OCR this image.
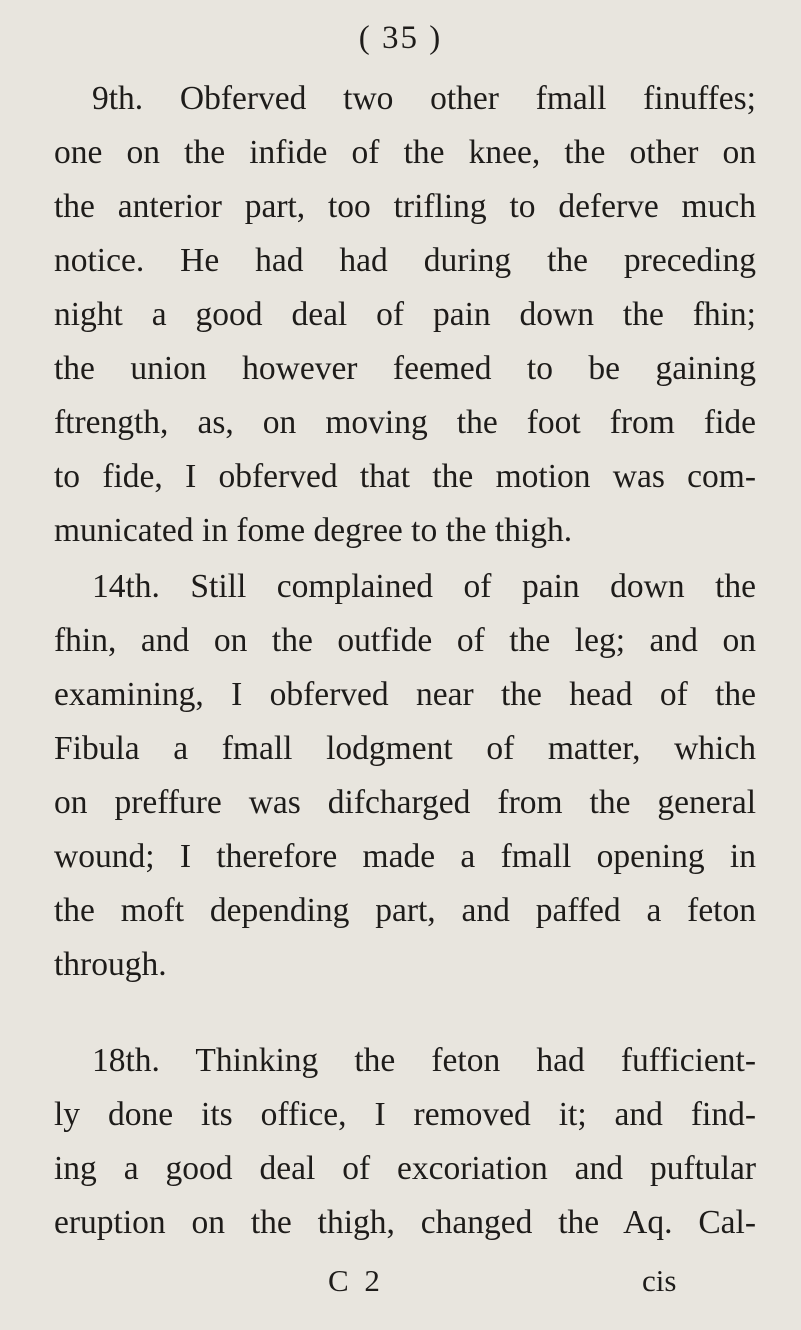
( 35 )
9th. Obferved two other fmall finuffes;
one on the infide of the knee, the other on
the anterior part, too trifling to deferve much
notice. He had had during the preceding
night a good deal of pain down the fhin;
the union however feemed to be gaining
ftrength, as, on moving the foot from fide
to fide, I obferved that the motion was com-
municated in fome degree to the thigh.
14th. Still complained of pain down the
fhin, and on the outfide of the leg; and on
examining, I obferved near the head of the
Fibula a fmall lodgment of matter, which
on preffure was difcharged from the general
wound; I therefore made a fmall opening in
the moft depending part, and paffed a feton
through.
18th. Thinking the feton had fufficient-
ly done its office, I removed it; and find-
ing a good deal of excoriation and puftular
eruption on the thigh, changed the Aq. Cal-
C 2	cis
